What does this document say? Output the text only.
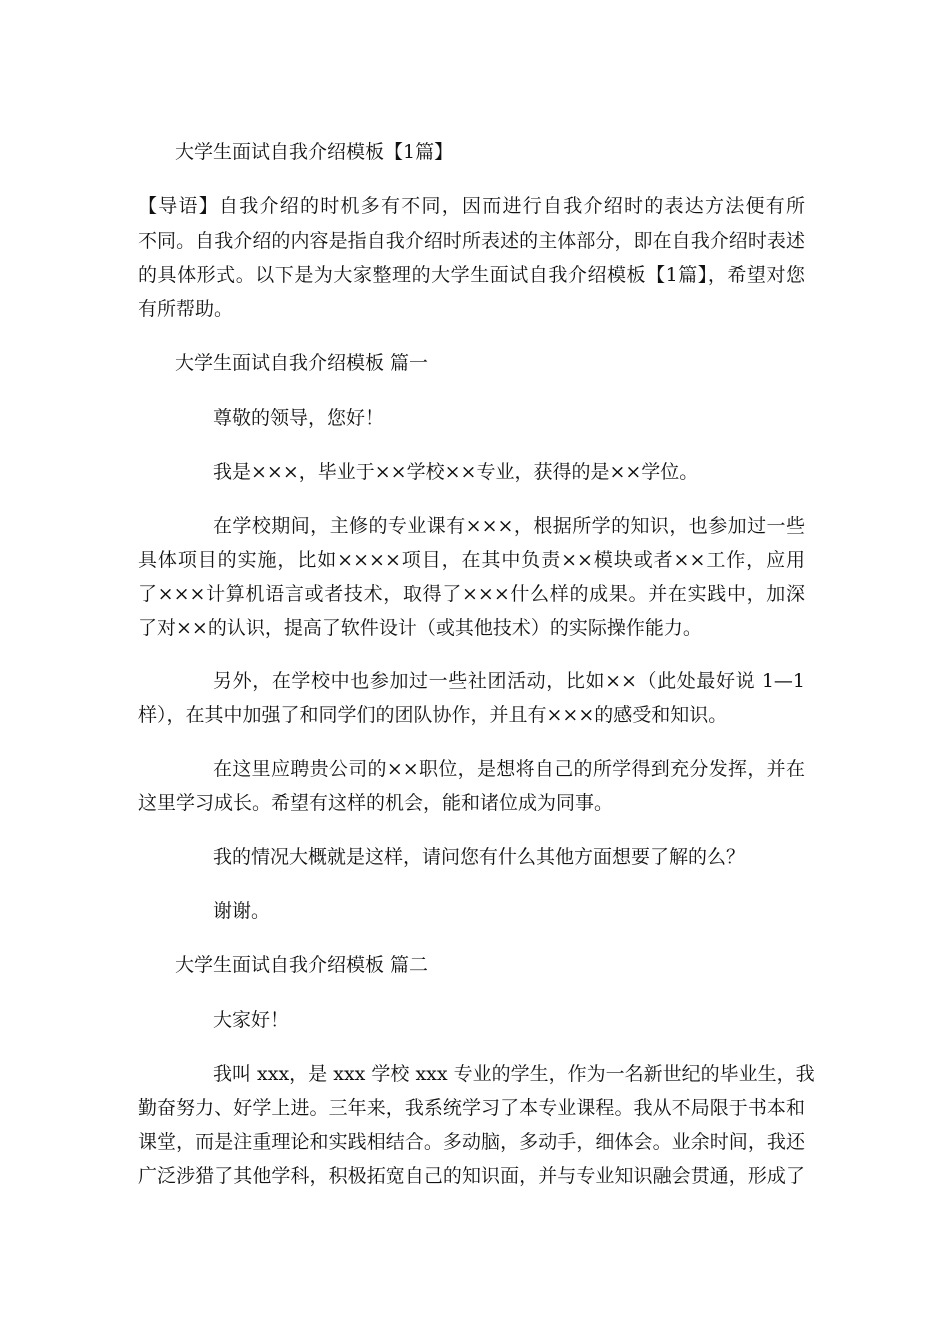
大学生面试自我介绍模板【1篇】
【导语】自我介绍的时机多有不同，因而进行自我介绍时的表达方法便有所
不同。自我介绍的内容是指自我介绍时所表述的主体部分，即在自我介绍时表述
的具体形式。以下是为大家整理的大学生面试自我介绍模板【1篇】，希望对您
有所帮助。
大学生面试自我介绍模板 篇一
尊敬的领导，您好！
我是×××，毕业于××学校××专业，获得的是××学位。
在学校期间，主修的专业课有×××，根据所学的知识，也参加过一些
具体项目的实施，比如××××项目，在其中负责××模块或者××工作，应用
了×××计算机语言或者技术，取得了×××什么样的成果。并在实践中，加深
了对××的认识，提高了软件设计（或其他技术）的实际操作能力。
另外，在学校中也参加过一些社团活动，比如××（此处最好说 1—1
样），在其中加强了和同学们的团队协作，并且有×××的感受和知识。
在这里应聘贵公司的××职位，是想将自己的所学得到充分发挥，并在
这里学习成长。希望有这样的机会，能和诸位成为同事。
我的情况大概就是这样，请问您有什么其他方面想要了解的么？
谢谢。
大学生面试自我介绍模板 篇二
大家好！
我叫 xxx，是 xxx 学校 xxx 专业的学生，作为一名新世纪的毕业生，我
勤奋努力、好学上进。三年来，我系统学习了本专业课程。我从不局限于书本和
课堂，而是注重理论和实践相结合。多动脑，多动手，细体会。业余时间，我还
广泛涉猎了其他学科，积极拓宽自己的知识面，并与专业知识融会贯通，形成了
